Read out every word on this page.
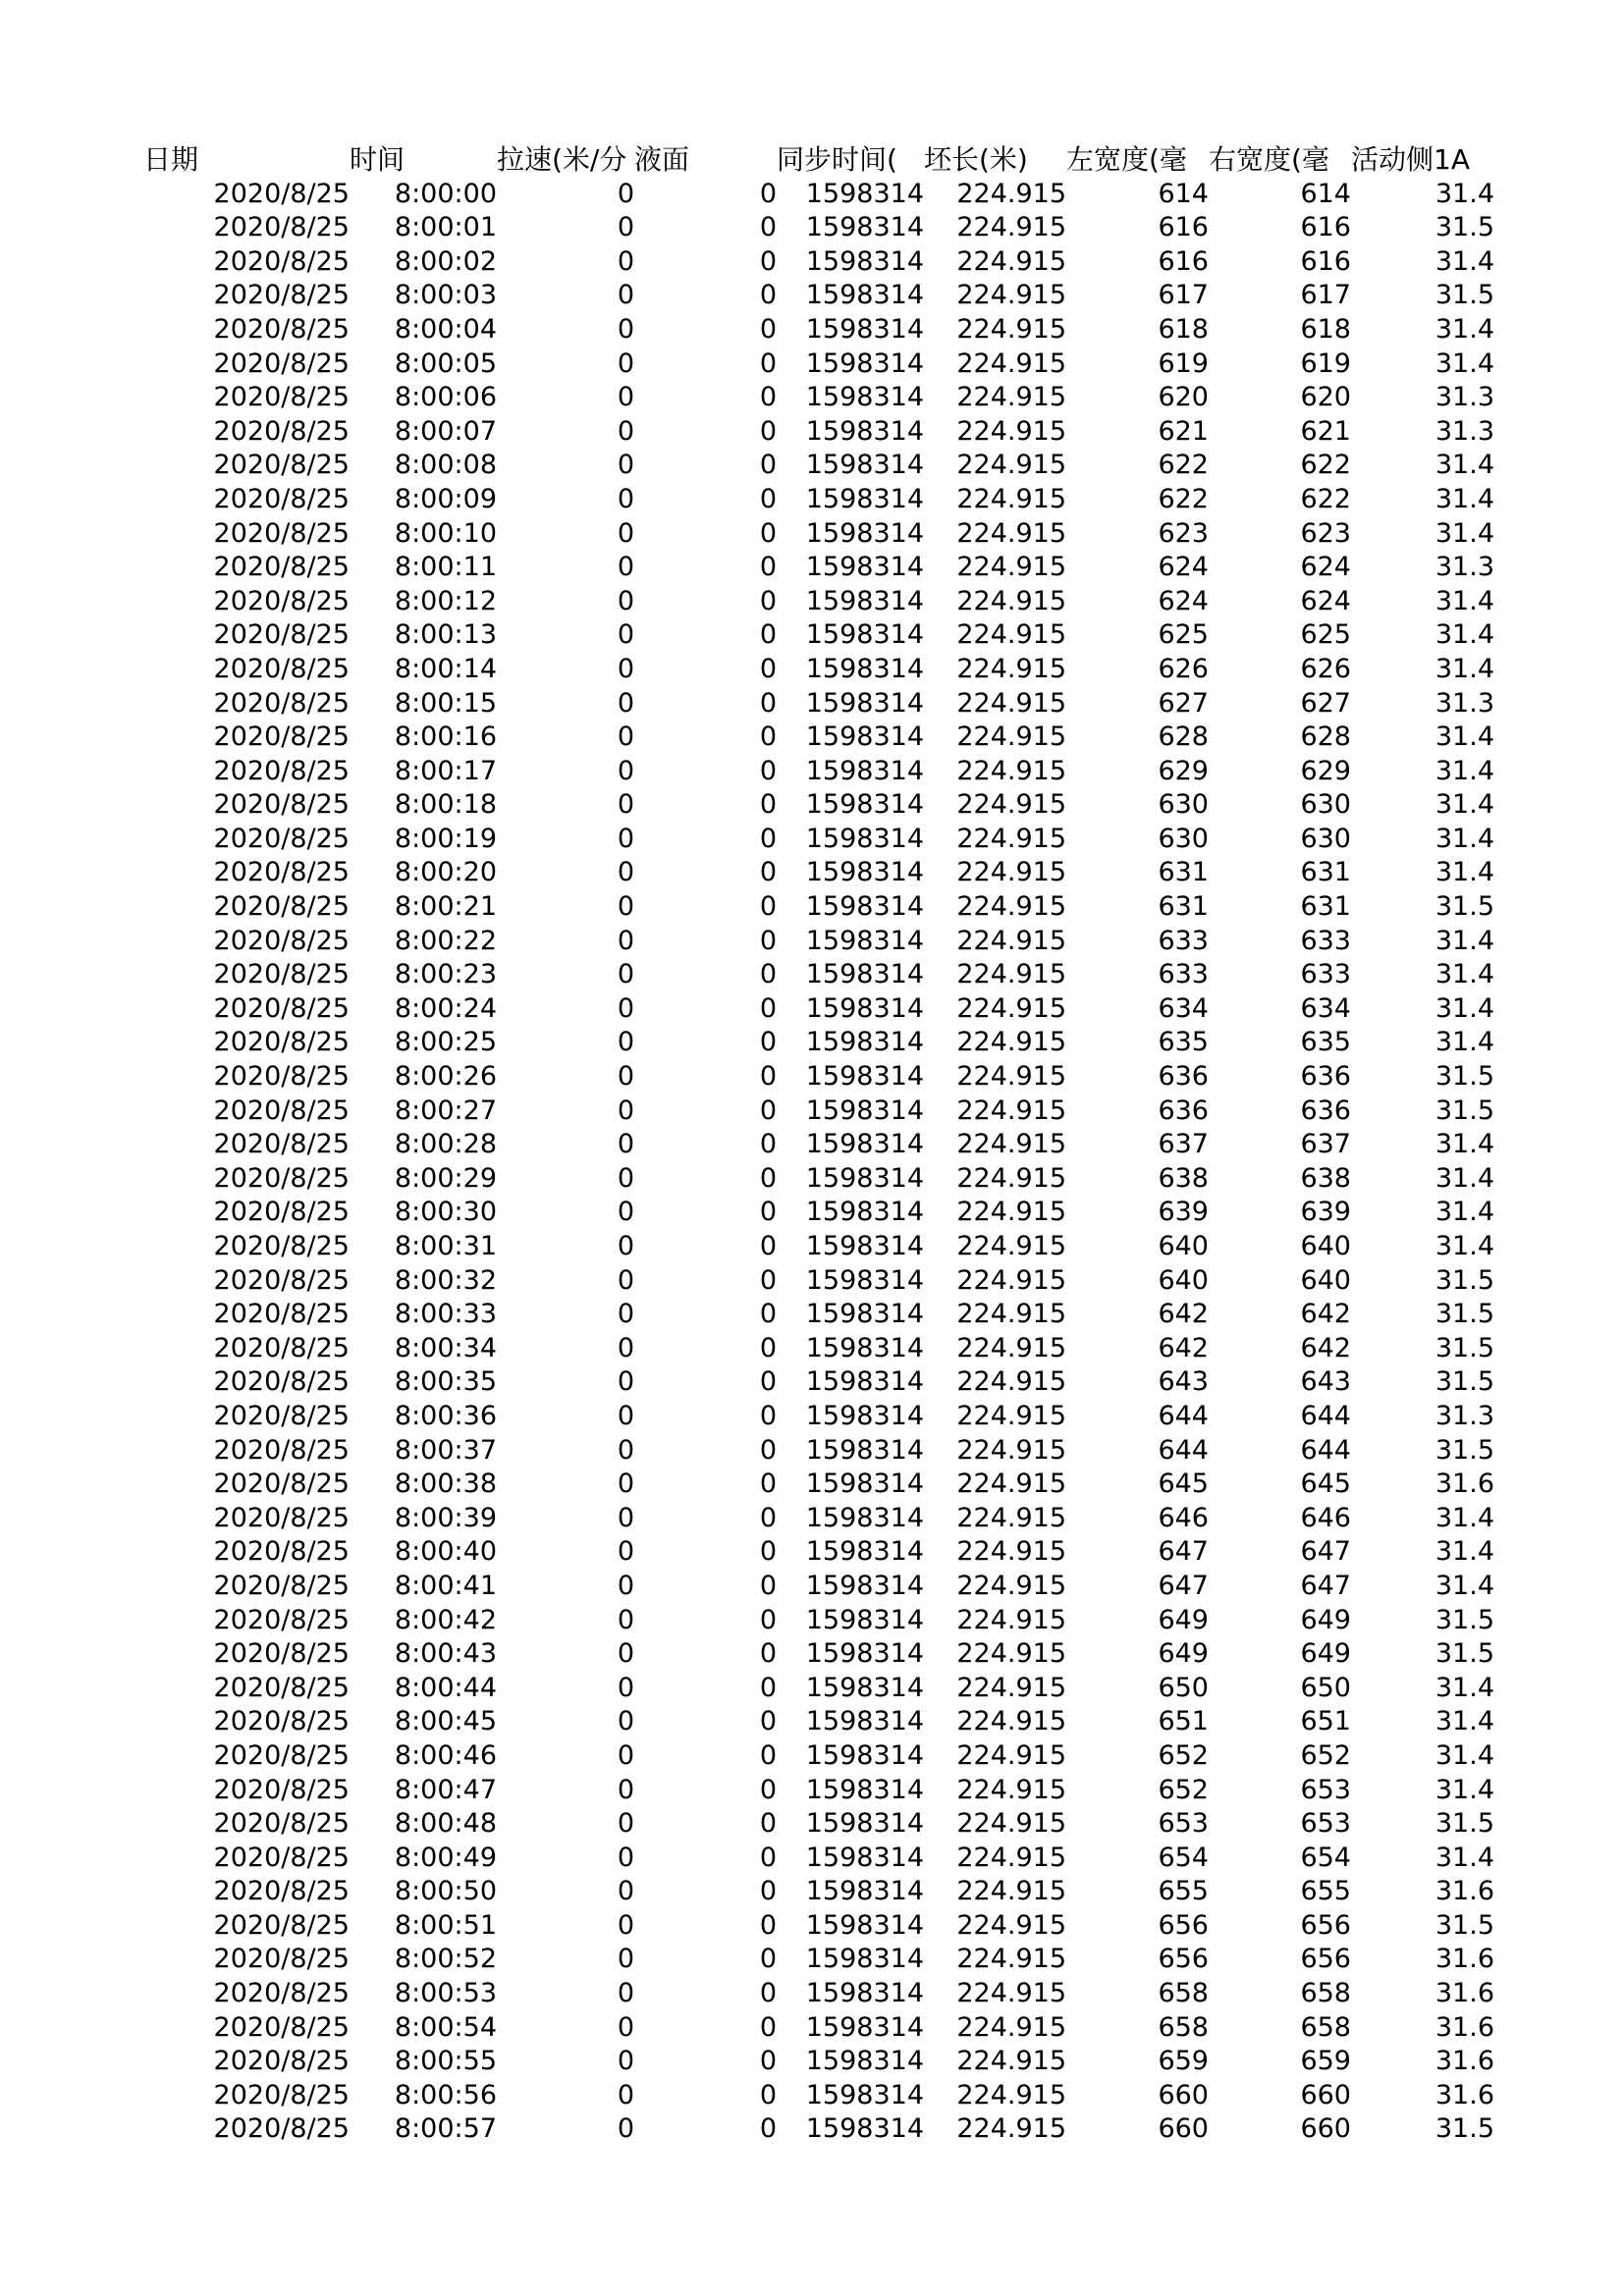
日期	时间	拉速(米/分	液面	同步时间(	坯长(米)	左宽度(毫	右宽度(毫	活动侧1A
2020/8/25	8:00:00	0	0	1598314	224.915	614	614	31.4
2020/8/25	8:00:01	0	0	1598314	224.915	616	616	31.5
2020/8/25	8:00:02	0	0	1598314	224.915	616	616	31.4
2020/8/25	8:00:03	0	0	1598314	224.915	617	617	31.5
2020/8/25	8:00:04	0	0	1598314	224.915	618	618	31.4
2020/8/25	8:00:05	0	0	1598314	224.915	619	619	31.4
2020/8/25	8:00:06	0	0	1598314	224.915	620	620	31.3
2020/8/25	8:00:07	0	0	1598314	224.915	621	621	31.3
2020/8/25	8:00:08	0	0	1598314	224.915	622	622	31.4
2020/8/25	8:00:09	0	0	1598314	224.915	622	622	31.4
2020/8/25	8:00:10	0	0	1598314	224.915	623	623	31.4
2020/8/25	8:00:11	0	0	1598314	224.915	624	624	31.3
2020/8/25	8:00:12	0	0	1598314	224.915	624	624	31.4
2020/8/25	8:00:13	0	0	1598314	224.915	625	625	31.4
2020/8/25	8:00:14	0	0	1598314	224.915	626	626	31.4
2020/8/25	8:00:15	0	0	1598314	224.915	627	627	31.3
2020/8/25	8:00:16	0	0	1598314	224.915	628	628	31.4
2020/8/25	8:00:17	0	0	1598314	224.915	629	629	31.4
2020/8/25	8:00:18	0	0	1598314	224.915	630	630	31.4
2020/8/25	8:00:19	0	0	1598314	224.915	630	630	31.4
2020/8/25	8:00:20	0	0	1598314	224.915	631	631	31.4
2020/8/25	8:00:21	0	0	1598314	224.915	631	631	31.5
2020/8/25	8:00:22	0	0	1598314	224.915	633	633	31.4
2020/8/25	8:00:23	0	0	1598314	224.915	633	633	31.4
2020/8/25	8:00:24	0	0	1598314	224.915	634	634	31.4
2020/8/25	8:00:25	0	0	1598314	224.915	635	635	31.4
2020/8/25	8:00:26	0	0	1598314	224.915	636	636	31.5
2020/8/25	8:00:27	0	0	1598314	224.915	636	636	31.5
2020/8/25	8:00:28	0	0	1598314	224.915	637	637	31.4
2020/8/25	8:00:29	0	0	1598314	224.915	638	638	31.4
2020/8/25	8:00:30	0	0	1598314	224.915	639	639	31.4
2020/8/25	8:00:31	0	0	1598314	224.915	640	640	31.4
2020/8/25	8:00:32	0	0	1598314	224.915	640	640	31.5
2020/8/25	8:00:33	0	0	1598314	224.915	642	642	31.5
2020/8/25	8:00:34	0	0	1598314	224.915	642	642	31.5
2020/8/25	8:00:35	0	0	1598314	224.915	643	643	31.5
2020/8/25	8:00:36	0	0	1598314	224.915	644	644	31.3
2020/8/25	8:00:37	0	0	1598314	224.915	644	644	31.5
2020/8/25	8:00:38	0	0	1598314	224.915	645	645	31.6
2020/8/25	8:00:39	0	0	1598314	224.915	646	646	31.4
2020/8/25	8:00:40	0	0	1598314	224.915	647	647	31.4
2020/8/25	8:00:41	0	0	1598314	224.915	647	647	31.4
2020/8/25	8:00:42	0	0	1598314	224.915	649	649	31.5
2020/8/25	8:00:43	0	0	1598314	224.915	649	649	31.5
2020/8/25	8:00:44	0	0	1598314	224.915	650	650	31.4
2020/8/25	8:00:45	0	0	1598314	224.915	651	651	31.4
2020/8/25	8:00:46	0	0	1598314	224.915	652	652	31.4
2020/8/25	8:00:47	0	0	1598314	224.915	652	653	31.4
2020/8/25	8:00:48	0	0	1598314	224.915	653	653	31.5
2020/8/25	8:00:49	0	0	1598314	224.915	654	654	31.4
2020/8/25	8:00:50	0	0	1598314	224.915	655	655	31.6
2020/8/25	8:00:51	0	0	1598314	224.915	656	656	31.5
2020/8/25	8:00:52	0	0	1598314	224.915	656	656	31.6
2020/8/25	8:00:53	0	0	1598314	224.915	658	658	31.6
2020/8/25	8:00:54	0	0	1598314	224.915	658	658	31.6
2020/8/25	8:00:55	0	0	1598314	224.915	659	659	31.6
2020/8/25	8:00:56	0	0	1598314	224.915	660	660	31.6
2020/8/25	8:00:57	0	0	1598314	224.915	660	660	31.5
